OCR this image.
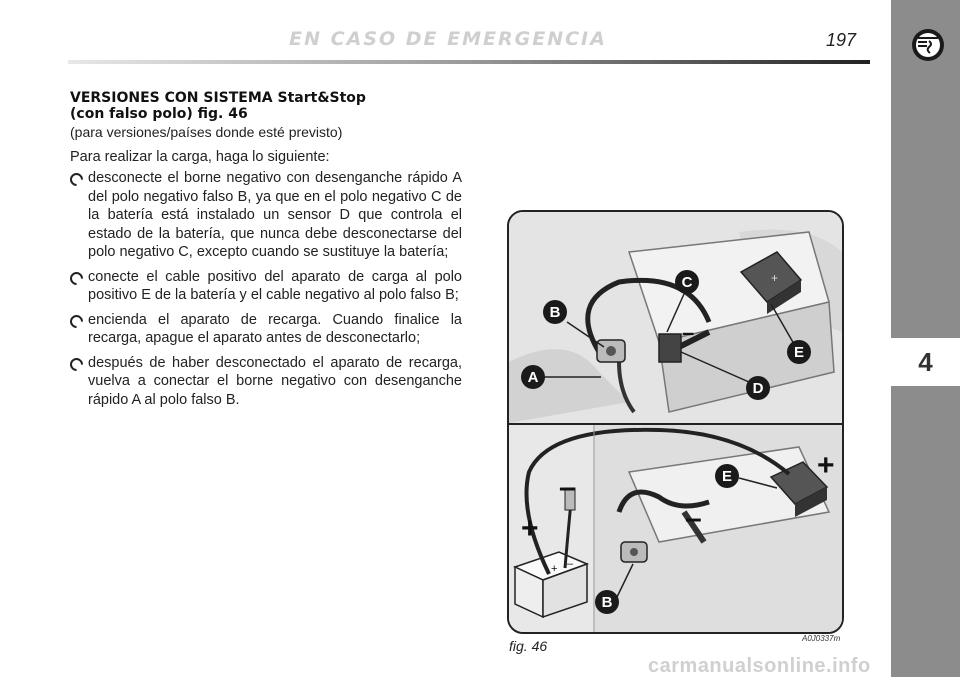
4
EN CASO DE EMERGENCIA	197

VERSIONES CON SISTEMA Start&Stop

(con falso polo) fig. 46

(para versiones/países donde esté previsto)

Para realizar la carga, haga lo siguiente:

desconecte el borne negativo con desenganche rápido A del polo negativo falso B, ya que en el polo negativo C de la batería está instalado un sensor D que controla el estado de la batería, que nunca debe desconectarse del polo negativo C, excepto cuando se sustituye la batería;
conecte el cable positivo del aparato de carga al polo positivo E de la batería y el cable negativo al polo falso B;
encienda el aparato de recarga. Cuando finalice la recarga, apague el aparato antes de desconectarlo;
después de haber desconectado el aparato de recarga, vuelva a conectar el borne negativo con desenganche rápido A al polo falso B.
+
A
B
C
D
E
–
+ –
E
B
+
+
–
–
fig. 46	A0J0337m
carmanualsonline.info
